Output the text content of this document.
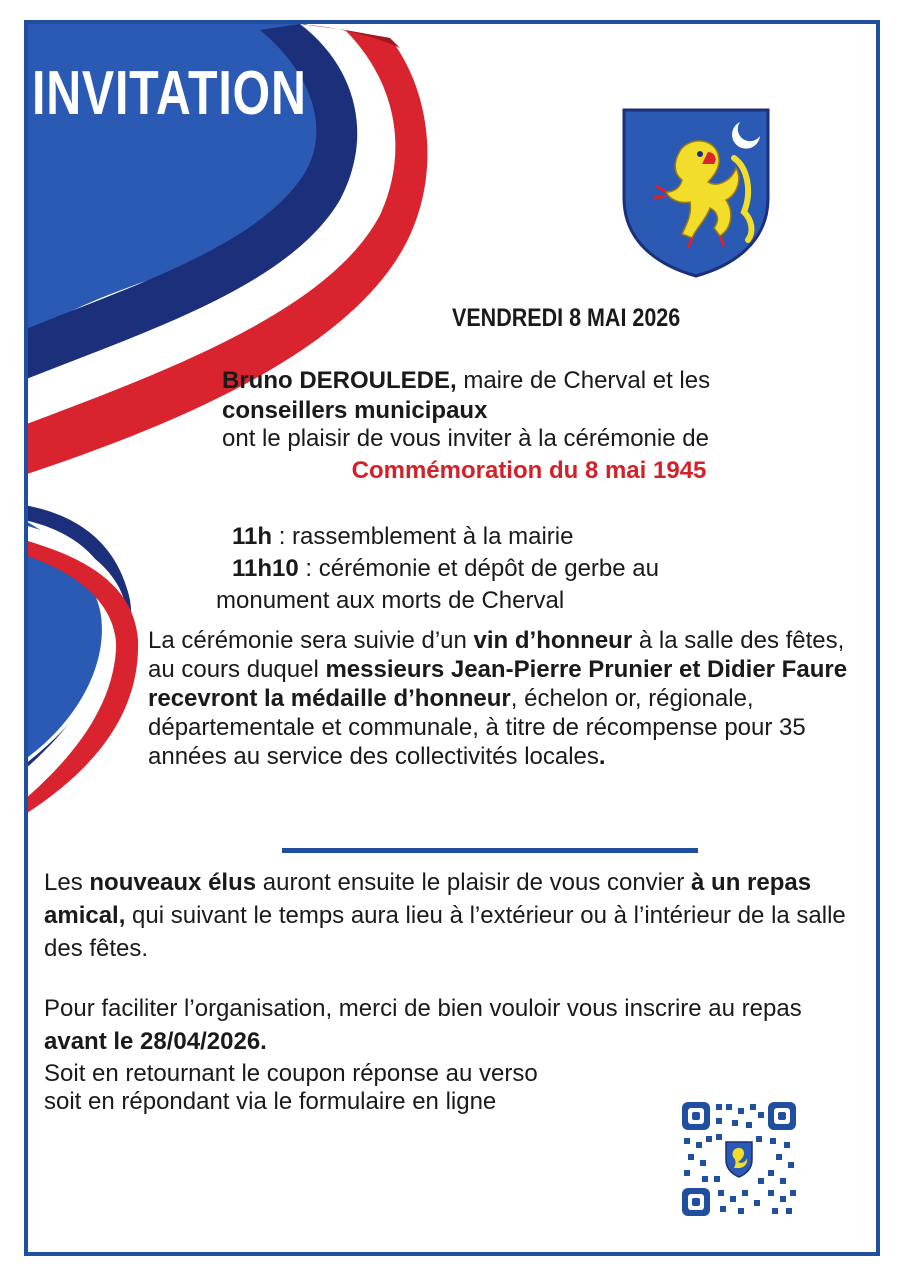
INVITATION
VENDREDI 8 MAI 2026
Bruno DEROULEDE, maire de Cherval et les
conseillers municipaux
ont le plaisir de vous inviter à la cérémonie de
Commémoration du 8 mai 1945
11h : rassemblement à la mairie
11h10 : cérémonie et dépôt de gerbe au
monument aux morts de Cherval
La cérémonie sera suivie d’un vin d’honneur à la salle des fêtes, au cours duquel messieurs Jean-Pierre Prunier et Didier Faure recevront la médaille d’honneur, échelon or, régionale, départementale et communale, à titre de récompense pour 35 années au service des collectivités locales.
Les nouveaux élus auront ensuite le plaisir de vous convier à un repas amical, qui suivant le temps aura lieu à l’extérieur ou à l’intérieur de la salle des fêtes.
Pour faciliter l’organisation, merci de bien vouloir vous inscrire au repas avant le 28/04/2026.
Soit en retournant le coupon réponse au verso
soit en répondant via le formulaire en ligne
